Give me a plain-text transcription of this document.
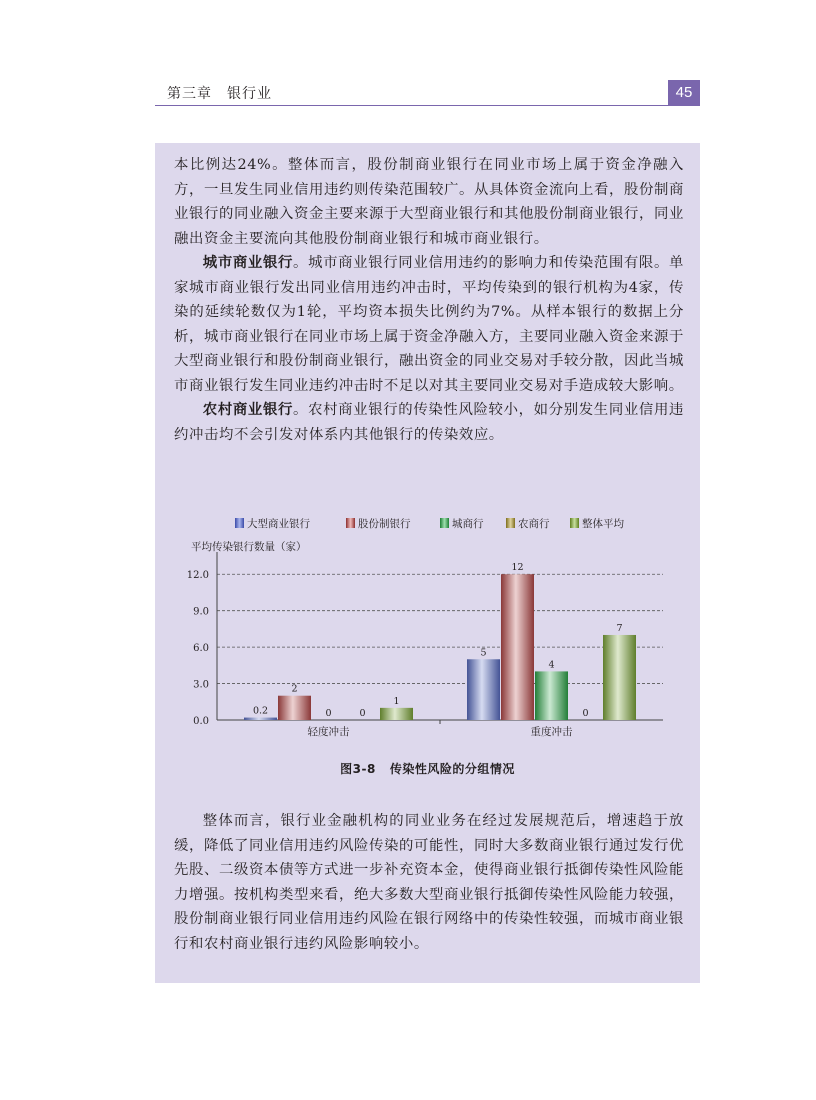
第三章　银行业	45

本比例达24%。整体而言，股份制商业银行在同业市场上属于资金净融入方，一旦发生同业信用违约则传染范围较广。从具体资金流向上看，股份制商业银行的同业融入资金主要来源于大型商业银行和其他股份制商业银行，同业融出资金主要流向其他股份制商业银行和城市商业银行。

城市商业银行。城市商业银行同业信用违约的影响力和传染范围有限。单家城市商业银行发出同业信用违约冲击时，平均传染到的银行机构为4家，传染的延续轮数仅为1轮，平均资本损失比例约为7%。从样本银行的数据上分析，城市商业银行在同业市场上属于资金净融入方，主要同业融入资金来源于大型商业银行和股份制商业银行，融出资金的同业交易对手较分散，因此当城市商业银行发生同业违约冲击时不足以对其主要同业交易对手造成较大影响。

农村商业银行。农村商业银行的传染性风险较小，如分别发生同业信用违约冲击均不会引发对体系内其他银行的传染效应。

大型商业银行	股份制银行	城商行	农商行	整体平均
平均传染银行数量（家）
0.0
3.0
6.0
9.0
12.0
0.2
2
0	0
1
轻度冲击
5
12
4
0
7
重度冲击
图3-8 传染性风险的分组情况

整体而言，银行业金融机构的同业业务在经过发展规范后，增速趋于放缓，降低了同业信用违约风险传染的可能性，同时大多数商业银行通过发行优先股、二级资本债等方式进一步补充资本金，使得商业银行抵御传染性风险能力增强。按机构类型来看，绝大多数大型商业银行抵御传染性风险能力较强，股份制商业银行同业信用违约风险在银行网络中的传染性较强，而城市商业银行和农村商业银行违约风险影响较小。
